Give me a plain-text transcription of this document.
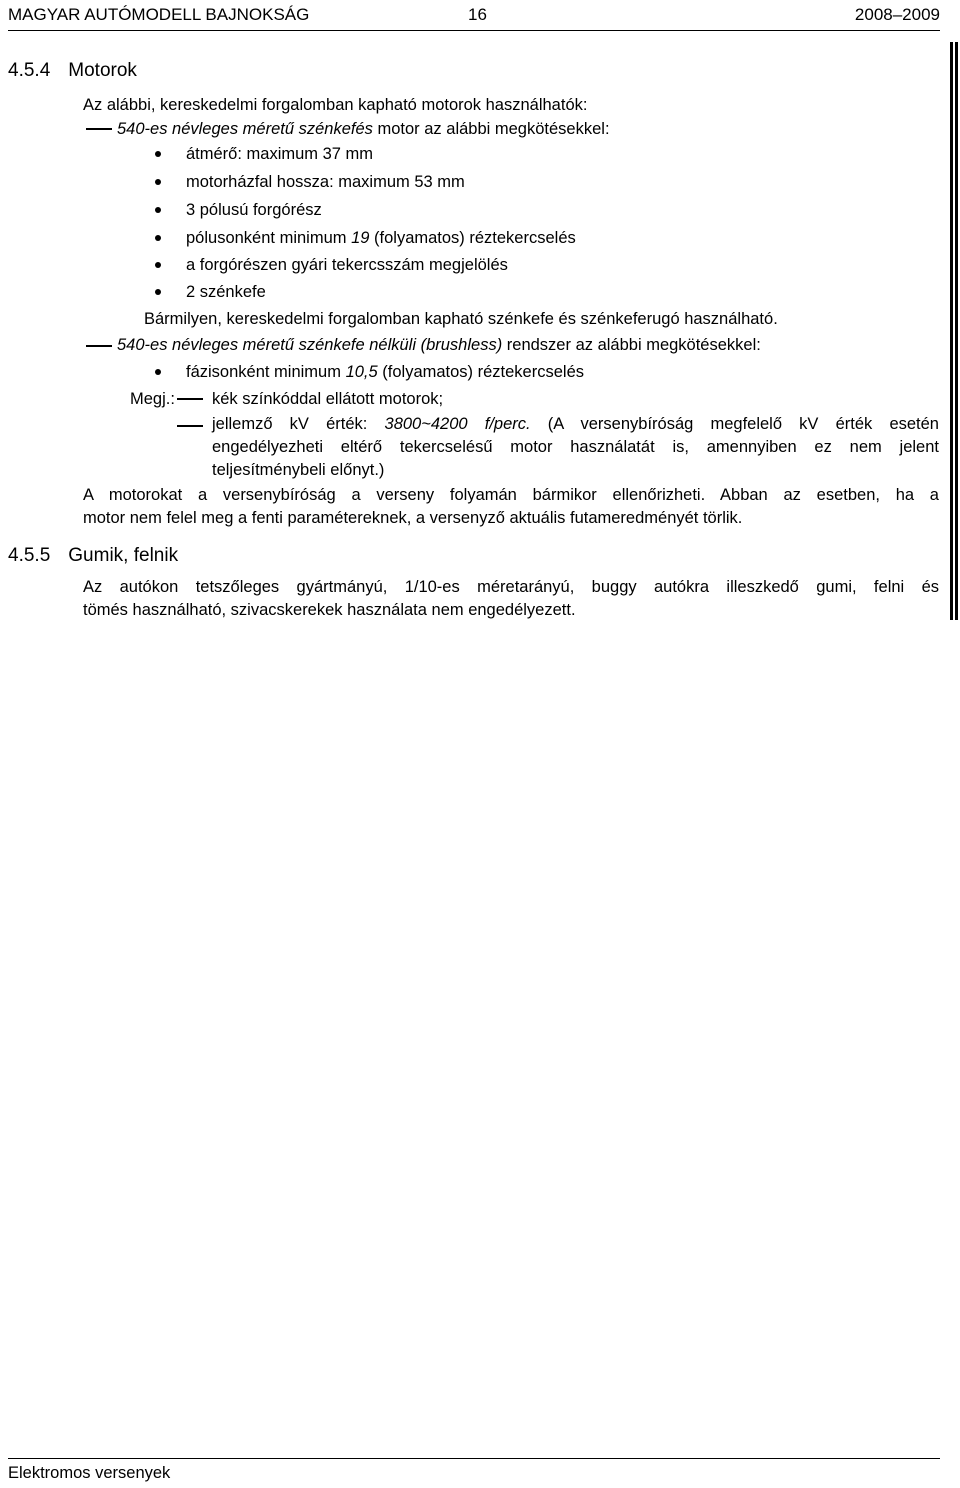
MAGYAR AUTÓMODELL BAJNOKSÁG	16	2008–2009
4.5.4 Motorok
Az alábbi, kereskedelmi forgalomban kapható motorok használhatók:
540-es névleges méretű szénkefés motor az alábbi megkötésekkel:
átmérő: maximum 37 mm
motorházfal hossza: maximum 53 mm
3 pólusú forgórész
pólusonként minimum 19 (folyamatos) réztekercselés
a forgórészen gyári tekercsszám megjelölés
2 szénkefe
Bármilyen, kereskedelmi forgalomban kapható szénkefe és szénkeferugó használható.
540-es névleges méretű szénkefe nélküli (brushless) rendszer az alábbi megkötésekkel:
fázisonként minimum 10,5 (folyamatos) réztekercselés
Megj.: kék színkóddal ellátott motorok;
jellemző kV érték: 3800~4200 f/perc. (A versenybíróság megfelelő kV érték esetén
engedélyezheti eltérő tekercselésű motor használatát is, amennyiben ez nem jelent
teljesítménybeli előnyt.)
A motorokat a versenybíróság a verseny folyamán bármikor ellenőrizheti. Abban az esetben, ha a
motor nem felel meg a fenti paramétereknek, a versenyző aktuális futameredményét törlik.
4.5.5 Gumik, felnik
Az autókon tetszőleges gyártmányú, 1/10-es méretarányú, buggy autókra illeszkedő gumi, felni és
tömés használható, szivacskerekek használata nem engedélyezett.
Elektromos versenyek
